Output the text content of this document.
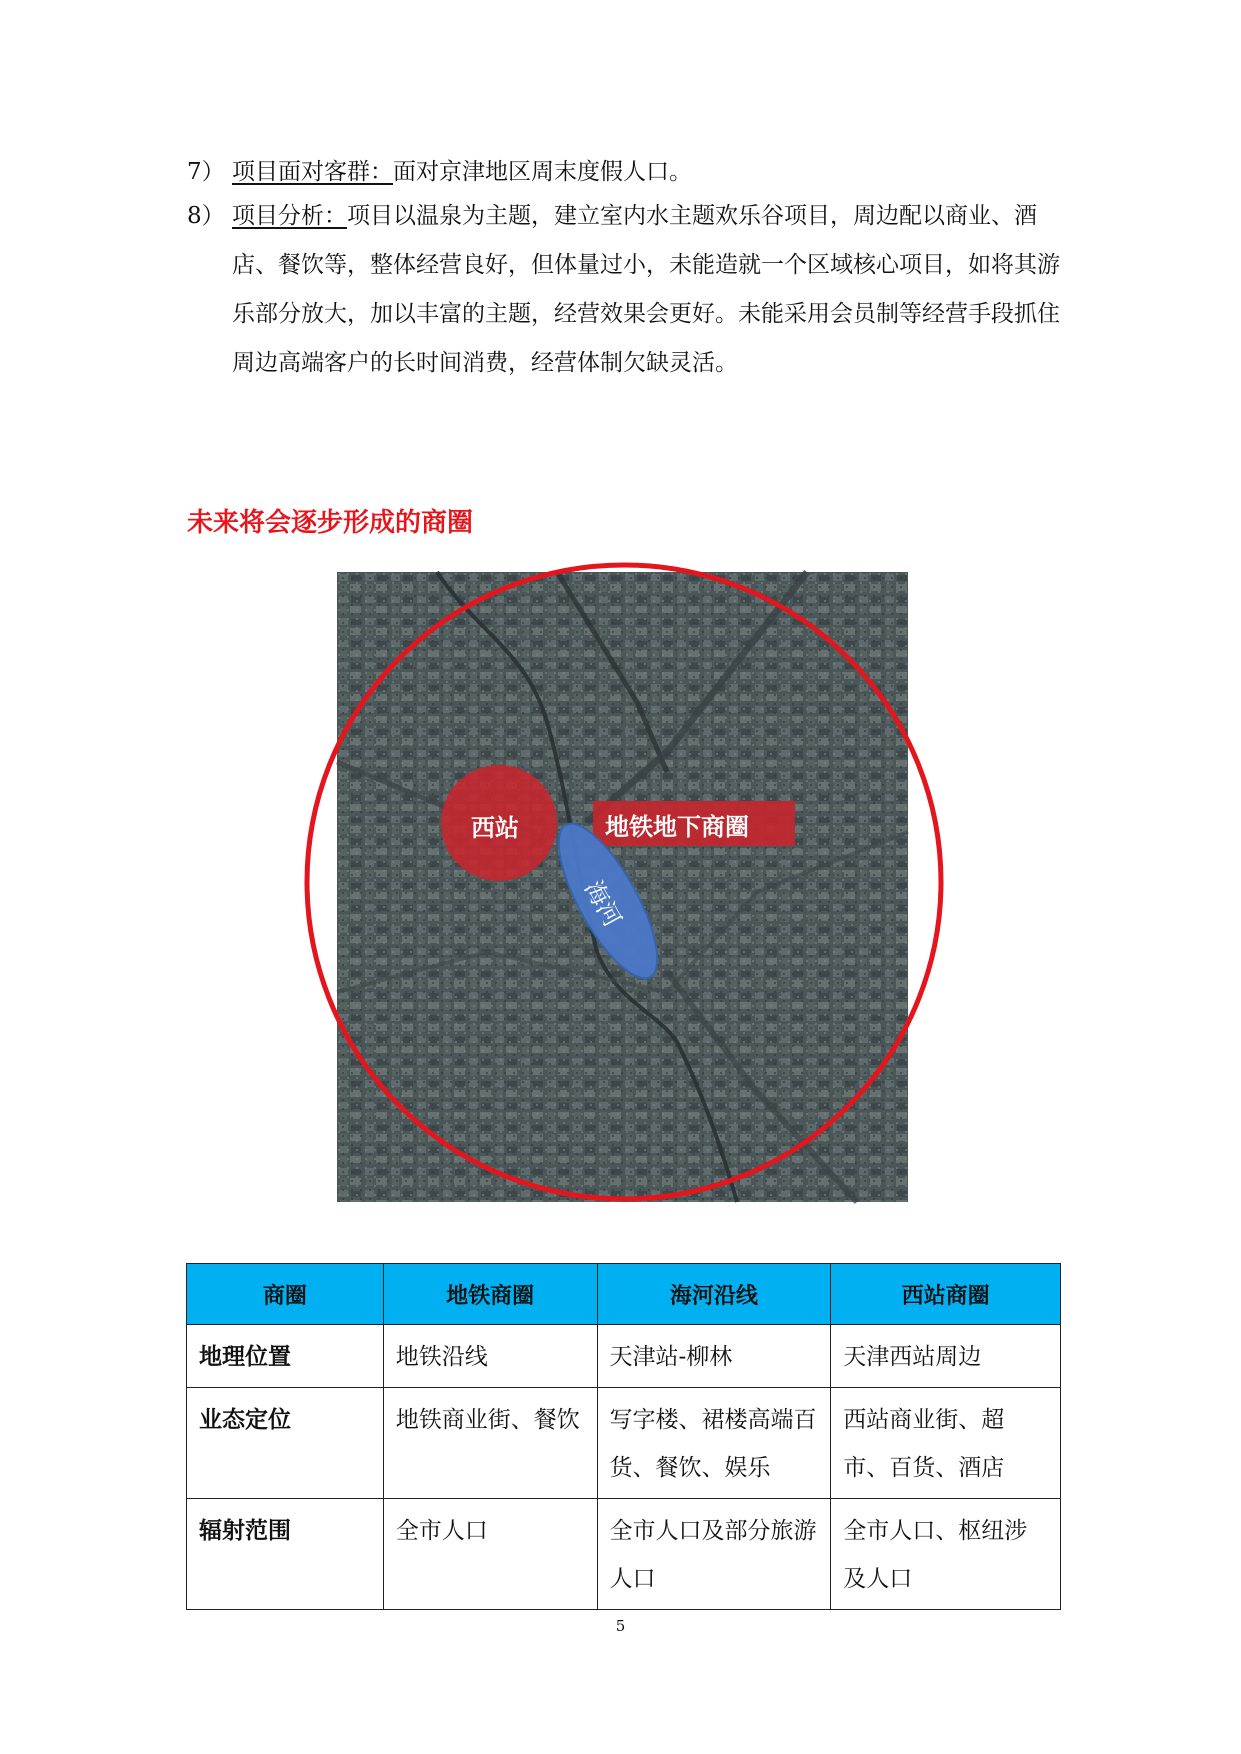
7） 项目面对客群：面对京津地区周末度假人口。
8） 项目分析：项目以温泉为主题，建立室内水主题欢乐谷项目，周边配以商业、酒店、餐饮等，整体经营良好，但体量过小，未能造就一个区域核心项目，如将其游乐部分放大，加以丰富的主题，经营效果会更好。未能采用会员制等经营手段抓住周边高端客户的长时间消费，经营体制欠缺灵活。
未来将会逐步形成的商圈
西站	地铁地下商圈
海河
商圈	地铁商圈	海河沿线	西站商圈
地理位置	地铁沿线	天津站-柳林	天津西站周边
业态定位	地铁商业街、餐饮	写字楼、裙楼高端百货、餐饮、娱乐	西站商业街、超市、百货、酒店
辐射范围	全市人口	全市人口及部分旅游人口	全市人口、枢纽涉及人口
5
